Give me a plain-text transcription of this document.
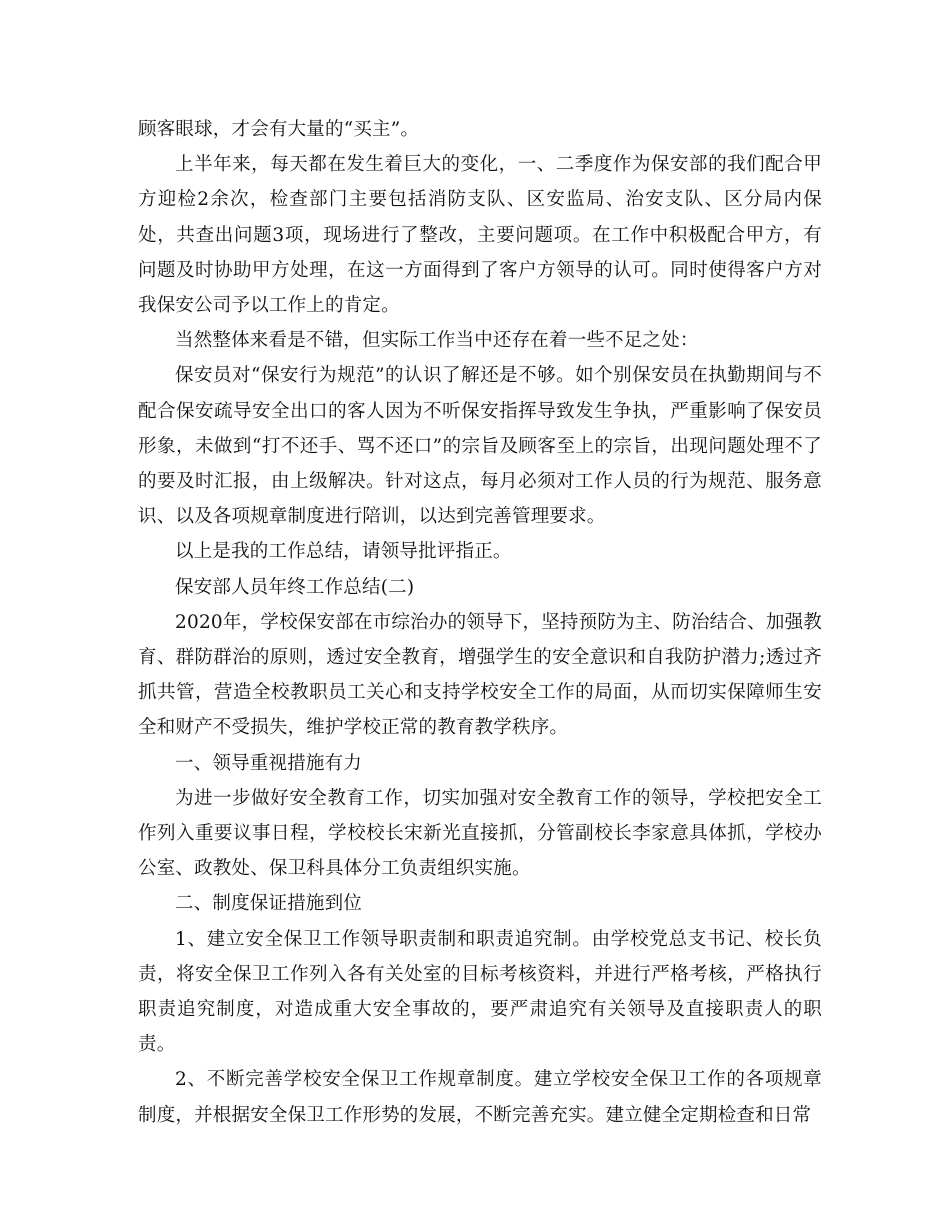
顾客眼球，才会有大量的“买主”。

上半年来，每天都在发生着巨大的变化，一、二季度作为保安部的我们配合甲方迎检2余次，检查部门主要包括消防支队、区安监局、治安支队、区分局内保处，共查出问题3项，现场进行了整改，主要问题项。在工作中积极配合甲方，有问题及时协助甲方处理，在这一方面得到了客户方领导的认可。同时使得客户方对我保安公司予以工作上的肯定。

当然整体来看是不错，但实际工作当中还存在着一些不足之处：

保安员对“保安行为规范”的认识了解还是不够。如个别保安员在执勤期间与不配合保安疏导安全出口的客人因为不听保安指挥导致发生争执，严重影响了保安员形象，未做到“打不还手、骂不还口”的宗旨及顾客至上的宗旨，出现问题处理不了的要及时汇报，由上级解决。针对这点，每月必须对工作人员的行为规范、服务意识、以及各项规章制度进行陪训，以达到完善管理要求。

以上是我的工作总结，请领导批评指正。

保安部人员年终工作总结(二)

2020年，学校保安部在市综治办的领导下，坚持预防为主、防治结合、加强教育、群防群治的原则，透过安全教育，增强学生的安全意识和自我防护潜力;透过齐抓共管，营造全校教职员工关心和支持学校安全工作的局面，从而切实保障师生安全和财产不受损失，维护学校正常的教育教学秩序。

一、领导重视措施有力

为进一步做好安全教育工作，切实加强对安全教育工作的领导，学校把安全工作列入重要议事日程，学校校长宋新光直接抓，分管副校长李家意具体抓，学校办公室、政教处、保卫科具体分工负责组织实施。

二、制度保证措施到位

1、建立安全保卫工作领导职责制和职责追究制。由学校党总支书记、校长负责，将安全保卫工作列入各有关处室的目标考核资料，并进行严格考核，严格执行职责追究制度，对造成重大安全事故的，要严肃追究有关领导及直接职责人的职责。

2、不断完善学校安全保卫工作规章制度。建立学校安全保卫工作的各项规章制度，并根据安全保卫工作形势的发展，不断完善充实。建立健全定期检查和日常
